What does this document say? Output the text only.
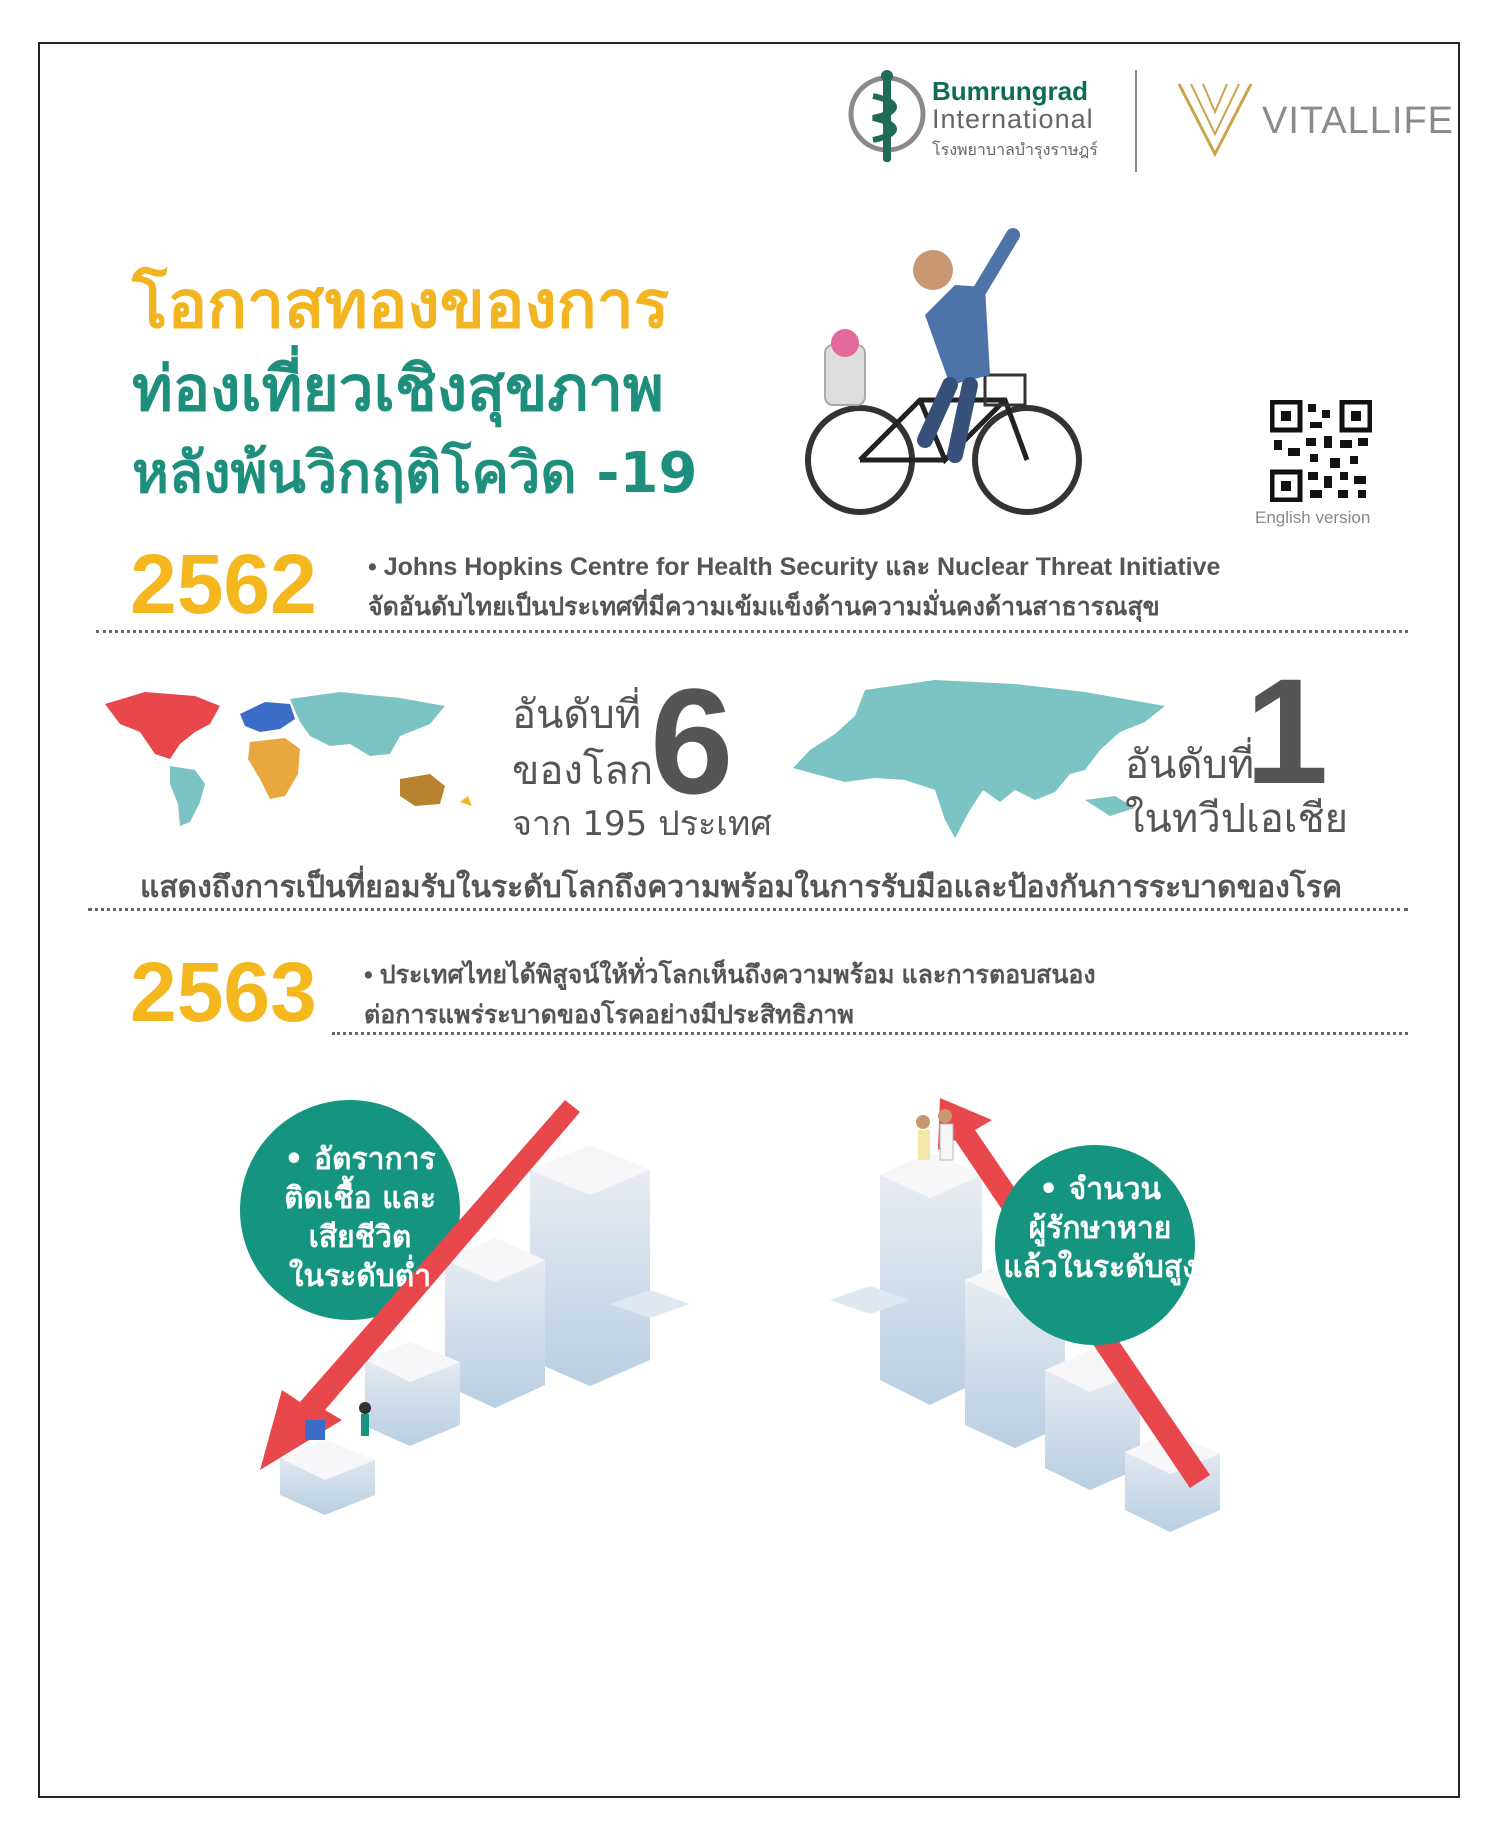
Bumrungrad
International
โรงพยาบาลบำรุงราษฎร์
VITALLIFE
โอกาสทองของการ
ท่องเที่ยวเชิงสุขภาพ
หลังพ้นวิกฤติโควิด -19
English version
2562 • Johns Hopkins Centre for Health Security และ Nuclear Threat Initiative
จัดอันดับไทยเป็นประเทศที่มีความเข้มแข็งด้านความมั่นคงด้านสาธารณสุข
อันดับที่
ของโลก
6
จาก 195 ประเทศ
อันดับที่
ในทวีปเอเชีย
1
แสดงถึงการเป็นที่ยอมรับในระดับโลกถึงความพร้อมในการรับมือและป้องกันการระบาดของโรค
2563 • ประเทศไทยได้พิสูจน์ให้ทั่วโลกเห็นถึงความพร้อม และการตอบสนอง
ต่อการแพร่ระบาดของโรคอย่างมีประสิทธิภาพ
• อัตราการ
ติดเชื้อ และ
เสียชีวิต
ในระดับต่ำ
• จำนวน
ผู้รักษาหาย
แล้วในระดับสูง
